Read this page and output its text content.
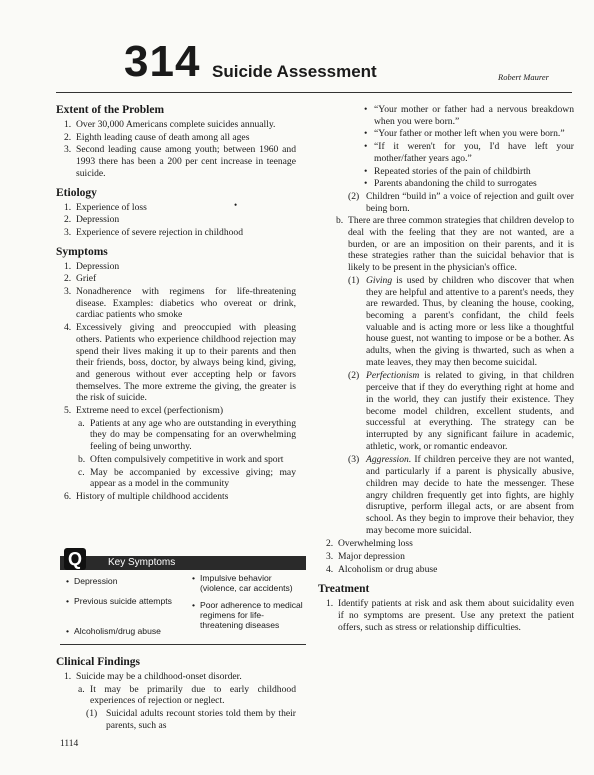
314 Suicide Assessment	Robert Maurer
•
Extent of the Problem
1. Over 30,000 Americans complete suicides annually.
2. Eighth leading cause of death among all ages
3. Second leading cause among youth; between 1960 and 1993 there has been a 200 per cent increase in teenage suicide.
Etiology
1. Experience of loss
2. Depression
3. Experience of severe rejection in childhood
Symptoms
1. Depression
2. Grief
3. Nonadherence with regimens for life-threatening disease. Examples: diabetics who overeat or drink, cardiac patients who smoke
4. Excessively giving and preoccupied with pleasing others. Patients who experience childhood rejection may spend their lives making it up to their parents and then their friends, boss, doctor, by always being kind, giving, and generous without ever accepting help or favors themselves. The more extreme the giving, the greater is the risk of suicide.
5. Extreme need to excel (perfectionism)
a. Patients at any age who are outstanding in everything they do may be compensating for an overwhelming feeling of being unworthy.
b. Often compulsively competitive in work and sport
c. May be accompanied by excessive giving; may appear as a model in the community
6. History of multiple childhood accidents
Q	Key Symptoms
• Depression
• Previous suicide attempts
• Alcoholism/drug abuse
• Impulsive behavior (violence, car accidents)
• Poor adherence to medical regimens for life-threatening diseases
Clinical Findings
1. Suicide may be a childhood-onset disorder.
a. It may be primarily due to early childhood experiences of rejection or neglect.
(1) Suicidal adults recount stories told them by their parents, such as
• “Your mother or father had a nervous breakdown when you were born.”
• “Your father or mother left when you were born.”
• “If it weren't for you, I'd have left your mother/father years ago.”
• Repeated stories of the pain of childbirth
• Parents abandoning the child to surrogates
(2) Children “build in” a voice of rejection and guilt over being born.
b. There are three common strategies that children develop to deal with the feeling that they are not wanted, are a burden, or are an imposition on their parents, and it is these strategies rather than the suicidal behavior that is likely to be present in the physician's office.
(1) Giving is used by children who discover that when they are helpful and attentive to a parent's needs, they are rewarded. Thus, by cleaning the house, cooking, becoming a parent's confidant, the child feels valuable and is acting more or less like a thoughtful house guest, not wanting to impose or be a bother. As adults, when the giving is thwarted, such as when a mate leaves, they may then become suicidal.
(2) Perfectionism is related to giving, in that children perceive that if they do everything right at home and in the world, they can justify their existence. They become model children, excellent students, and successful at everything. The strategy can be interrupted by any significant failure in academic, athletic, work, or romantic endeavor.
(3) Aggression. If children perceive they are not wanted, and particularly if a parent is physically abusive, children may decide to hate the messenger. These angry children frequently get into fights, are highly disruptive, perform illegal acts, or are absent from school. As they begin to improve their behavior, they may become more suicidal.
2. Overwhelming loss
3. Major depression
4. Alcoholism or drug abuse
Treatment
1. Identify patients at risk and ask them about suicidality even if no symptoms are present. Use any pretext the patient offers, such as stress or relationship difficulties.
1114
